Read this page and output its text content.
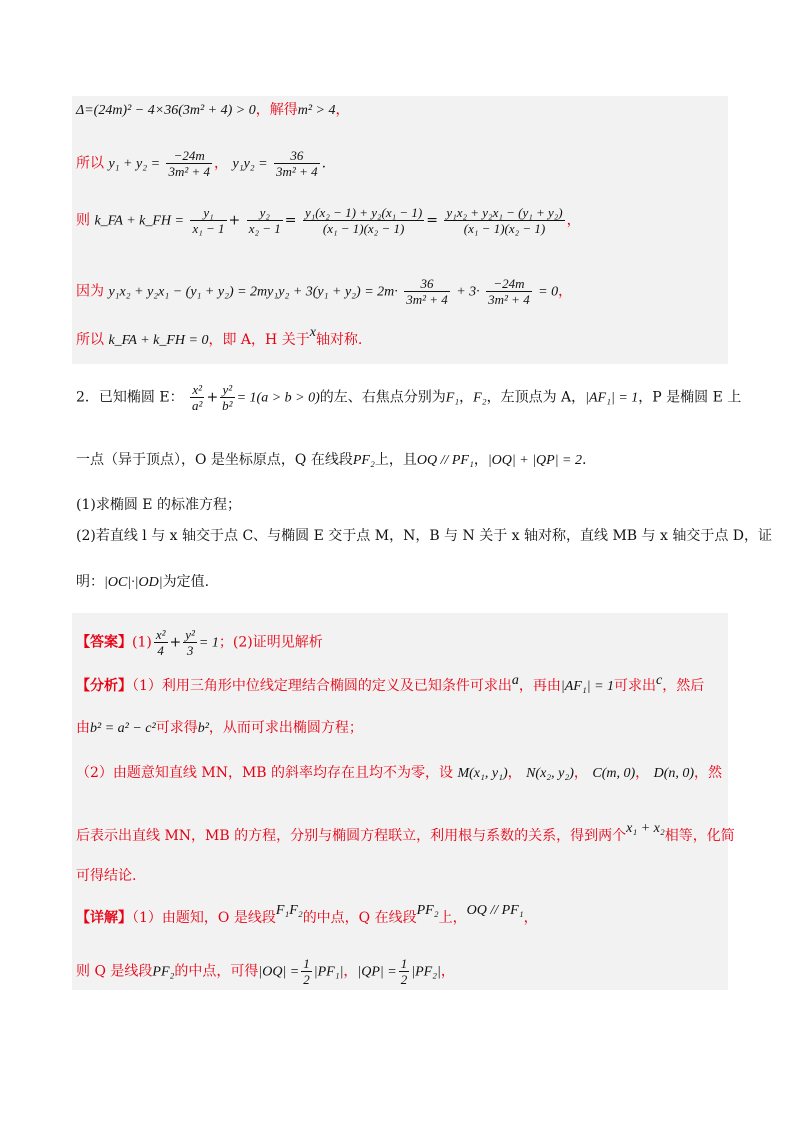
Δ=(24m)² − 4×36(3m² + 4) > 0，解得m² > 4，
所以 $y_1 + y_2 = \frac{-24m}{\text{3m² + 4}}$ ， $y_1y_2 = \frac{36}{\text{3m² + 4}}$ .
则 k_FA + k_FH = $\frac{\text{y₁}}{\text{x₁ − 1}} + \frac{\text{y₂}}{\text{x₂ − 1}} = \frac{\text{y₁(x₂ − 1) + y₂(x₁ − 1)}}{\text{(x₁ − 1)(x₂ − 1)}} = \frac{\text{y₁x₂ + y₂x₁ − (y₁ + y₂)}}{\text{(x₁ − 1)(x₂ − 1)}}$ ，
因为 $y_1x_2 + y_2x_1 - (y_1 + y_2) = 2my_1y_2 + 3(y_1 + y_2) = 2m\cdot \frac{36}{\text{3m² + 4}} + 3\cdot \frac{-24m}{\text{3m² + 4}} = 0$，
所以 k_FA + k_FH = 0，即 A，H 关于x轴对称.
2．已知椭圆 E： $\frac{\text{x²}}{\text{a²}} + \frac{\text{y²}}{\text{b²}} = 1(a > b > 0)$的左、右焦点分别为F₁，F₂，左顶点为 A，|AF₁| = 1，P 是椭圆 E 上
一点（异于顶点），O 是坐标原点，Q 在线段PF₂上，且OQ // PF₁，|OQ| + |QP| = 2.
(1)求椭圆 E 的标准方程；
(2)若直线 l 与 x 轴交于点 C、与椭圆 E 交于点 M，N，B 与 N 关于 x 轴对称，直线 MB 与 x 轴交于点 D，证
明：|OC|·|OD|为定值.
【答案】$(1) \frac{\text{x²}}{4} + \frac{\text{y²}}{3} = 1$；(2)证明见解析
【分析】（1）利用三角形中位线定理结合椭圆的定义及已知条件可求出a，再由|AF₁| = 1可求出c，然后
由b² = a² − c²可求得b²，从而可求出椭圆方程；
（2）由题意知直线 MN，MB 的斜率均存在且均不为零，设 M(x₁, y₁)， N(x₂, y₂)， C(m, 0)， D(n, 0)，然
后表示出直线 MN，MB 的方程，分别与椭圆方程联立，利用根与系数的关系，得到两个x₁ + x₂相等，化简
可得结论.
【详解】（1）由题知，O 是线段F₁F₂的中点，Q 在线段PF₂上，OQ // PF₁，
则 Q 是线段PF₂的中点，可得$|OQ| = \frac{1}{2} |PF_1|$，$|QP| = \frac{1}{2} |PF_2|$，
